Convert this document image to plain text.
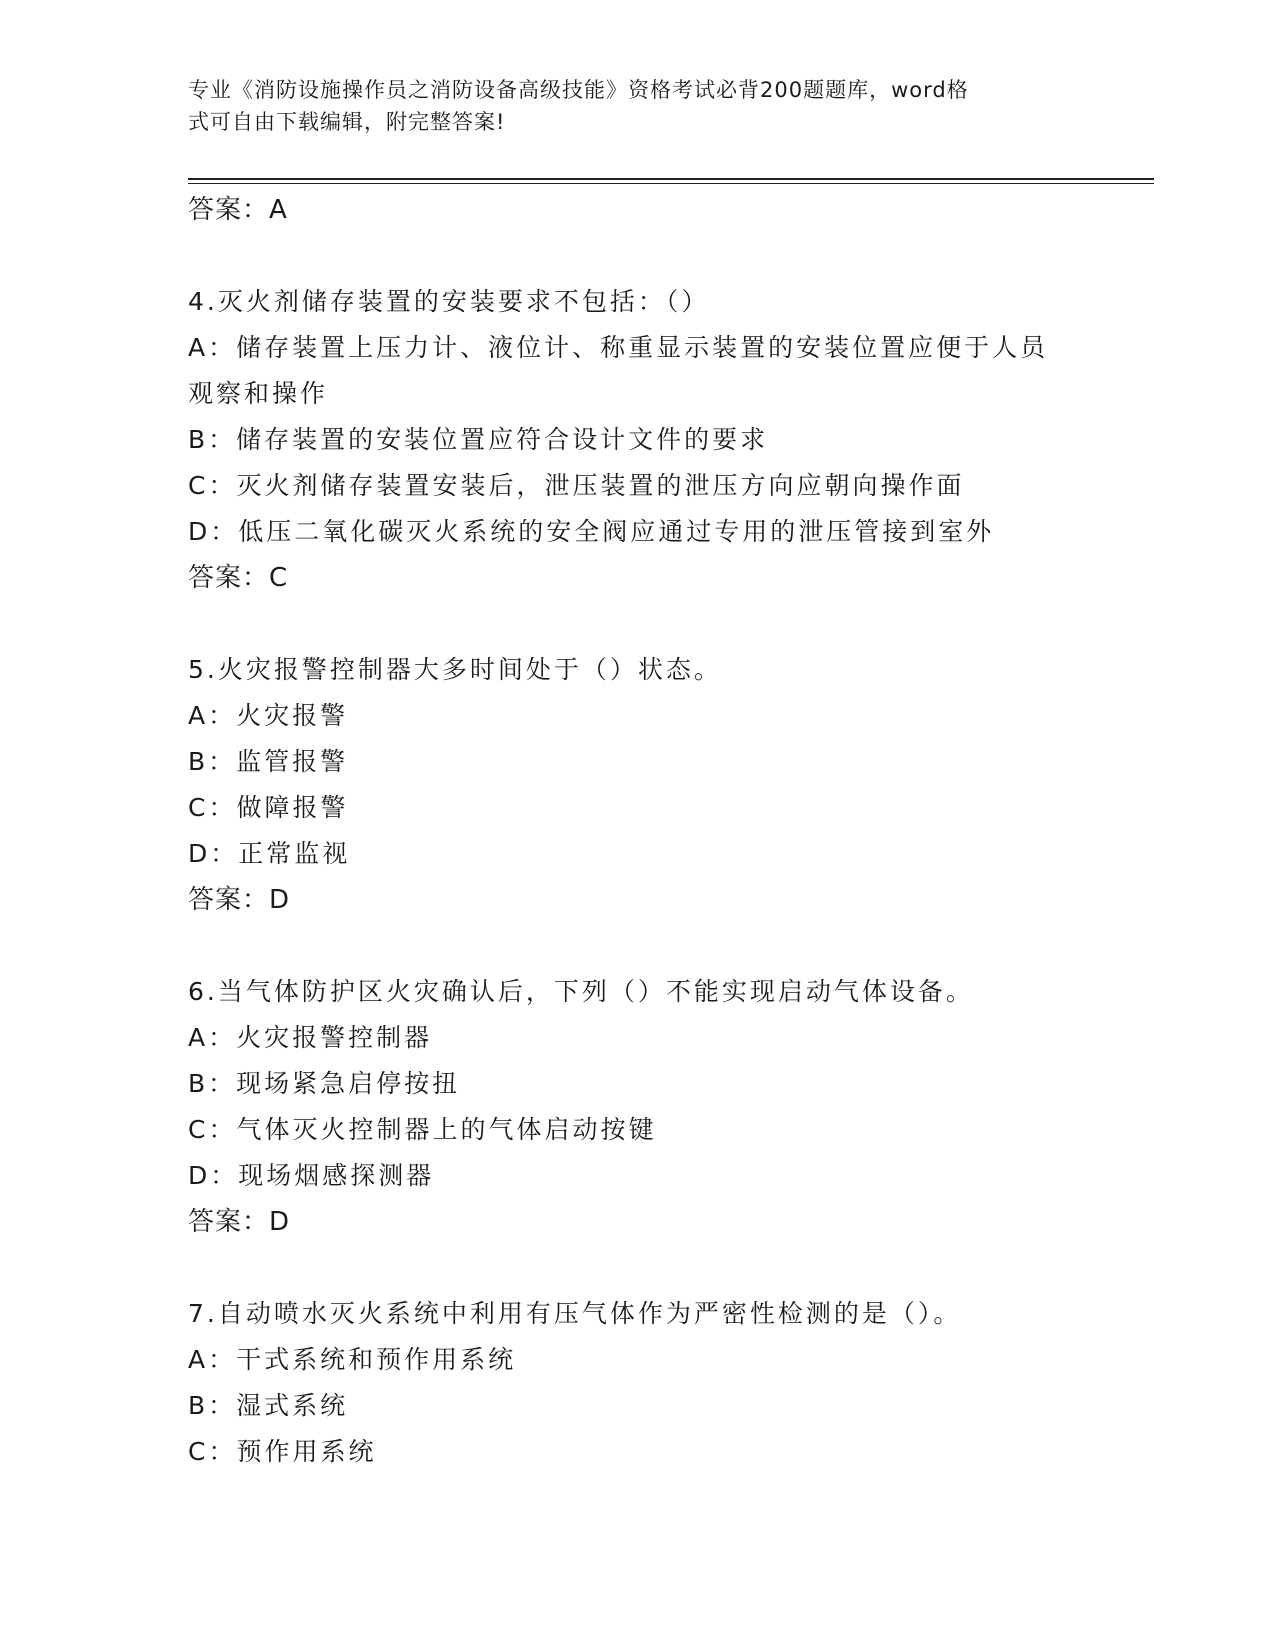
专业《消防设施操作员之消防设备高级技能》资格考试必背200题题库，word格
式可自由下载编辑，附完整答案!
答案：A
4.灭火剂储存装置的安装要求不包括：（）
A：储存装置上压力计、液位计、称重显示装置的安装位置应便于人员
观察和操作
B：储存装置的安装位置应符合设计文件的要求
C：灭火剂储存装置安装后，泄压装置的泄压方向应朝向操作面
D：低压二氧化碳灭火系统的安全阀应通过专用的泄压管接到室外
答案：C
5.火灾报警控制器大多时间处于（）状态。
A：火灾报警
B：监管报警
C：做障报警
D：正常监视
答案：D
6.当气体防护区火灾确认后，下列（）不能实现启动气体设备。
A：火灾报警控制器
B：现场紧急启停按扭
C：气体灭火控制器上的气体启动按键
D：现场烟感探测器
答案：D
7.自动喷水灭火系统中利用有压气体作为严密性检测的是（）。
A：干式系统和预作用系统
B：湿式系统
C：预作用系统
